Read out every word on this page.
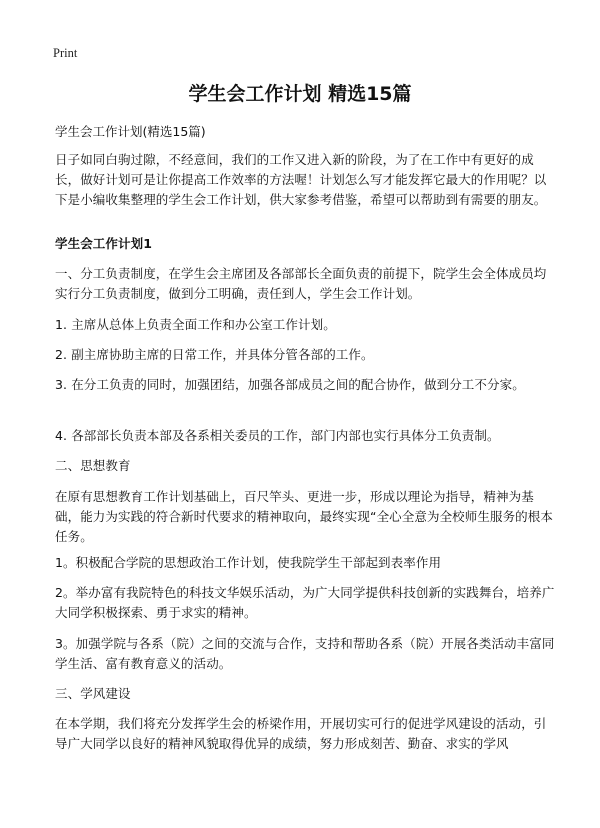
Print
学生会工作计划 精选15篇

学生会工作计划(精选15篇)

日子如同白驹过隙，不经意间，我们的工作又进入新的阶段，为了在工作中有更好的成长，做好计划可是让你提高工作效率的方法喔！计划怎么写才能发挥它最大的作用呢？以下是小编收集整理的学生会工作计划，供大家参考借鉴，希望可以帮助到有需要的朋友。

学生会工作计划1

一、分工负责制度，在学生会主席团及各部部长全面负责的前提下，院学生会全体成员均实行分工负责制度，做到分工明确，责任到人，学生会工作计划。

1. 主席从总体上负责全面工作和办公室工作计划。

2. 副主席协助主席的日常工作，并具体分管各部的工作。

3. 在分工负责的同时，加强团结，加强各部成员之间的配合协作，做到分工不分家。

4. 各部部长负责本部及各系相关委员的工作，部门内部也实行具体分工负责制。

二、思想教育

在原有思想教育工作计划基础上，百尺竿头、更进一步，形成以理论为指导，精神为基础，能力为实践的符合新时代要求的精神取向，最终实现“全心全意为全校师生服务的根本任务。

1。积极配合学院的思想政治工作计划，使我院学生干部起到表率作用

2。举办富有我院特色的科技文华娱乐活动，为广大同学提供科技创新的实践舞台，培养广大同学积极探索、勇于求实的精神。

3。加强学院与各系（院）之间的交流与合作，支持和帮助各系（院）开展各类活动丰富同学生活、富有教育意义的活动。

三、学风建设

在本学期，我们将充分发挥学生会的桥梁作用，开展切实可行的促进学风建设的活动，引导广大同学以良好的精神风貌取得优异的成绩，努力形成刻苦、勤奋、求实的学风
